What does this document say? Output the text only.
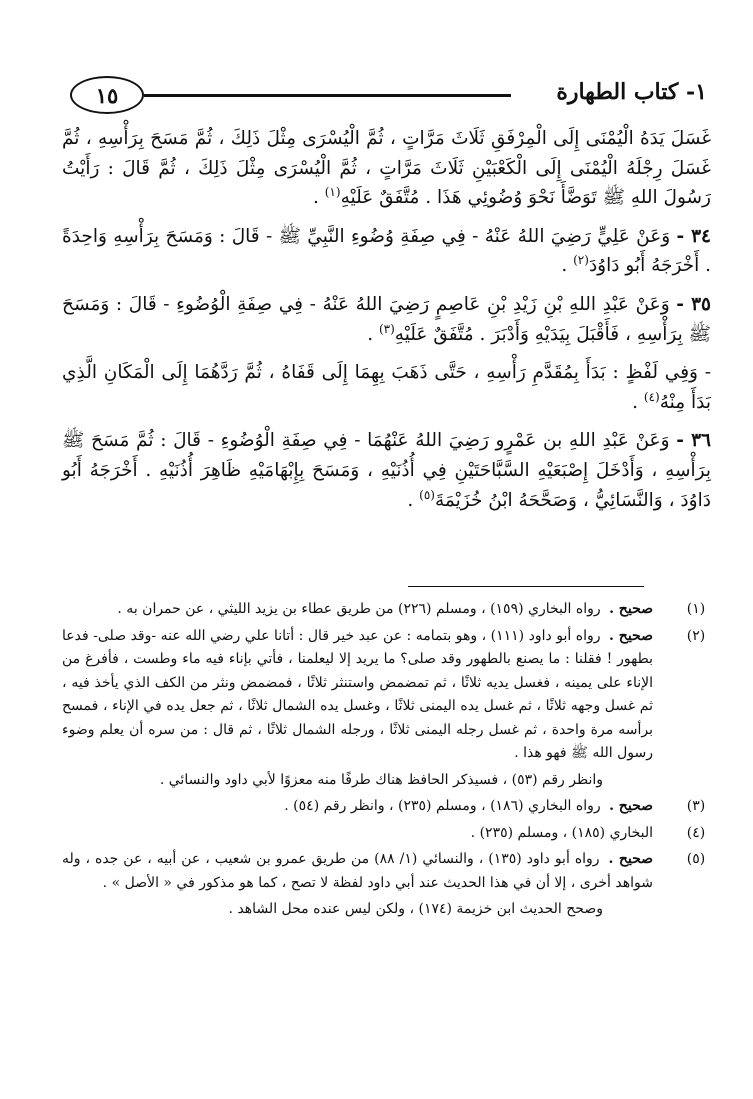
١٥	١- كتاب الطهارة

غَسَلَ يَدَهُ الْيُمْنَى إِلَى الْمِرْفَقِ ثَلَاثَ مَرَّاتٍ ، ثُمَّ الْيُسْرَى مِثْلَ ذَلِكَ ، ثُمَّ مَسَحَ بِرَأْسِهِ ، ثُمَّ غَسَلَ رِجْلَهُ الْيُمْنَى إِلَى الْكَعْبَيْنِ ثَلَاثَ مَرَّاتٍ ، ثُمَّ الْيُسْرَى مِثْلَ ذَلِكَ ، ثُمَّ قَالَ : رَأَيْتُ رَسُولَ اللهِ ﷺ تَوَضَّأَ نَحْوَ وُضُوئِي هَذَا . مُتَّفَقٌ عَلَيْهِ$^{(١)}$ .

٣٤ - وَعَنْ عَلِيٍّ رَضِيَ اللهُ عَنْهُ - فِي صِفَةِ وُضُوءِ النَّبِيِّ ﷺ - قَالَ : وَمَسَحَ بِرَأْسِهِ وَاحِدَةً . أَخْرَجَهُ أَبُو دَاوُدَ$^{(٢)}$ .

٣٥ - وَعَنْ عَبْدِ اللهِ بْنِ زَيْدِ بْنِ عَاصِمٍ رَضِيَ اللهُ عَنْهُ - فِي صِفَةِ الْوُضُوءِ - قَالَ : وَمَسَحَ ﷺ بِرَأْسِهِ ، فَأَقْبَلَ بِيَدَيْهِ وَأَدْبَرَ . مُتَّفَقٌ عَلَيْهِ$^{(٣)}$ .

- وَفِي لَفْظٍ : بَدَأَ بِمُقَدَّمِ رَأْسِهِ ، حَتَّى ذَهَبَ بِهِمَا إِلَى قَفَاهُ ، ثُمَّ رَدَّهُمَا إِلَى الْمَكَانِ الَّذِي بَدَأَ مِنْهُ$^{(٤)}$ .

٣٦ - وَعَنْ عَبْدِ اللهِ بن عَمْرٍو رَضِيَ اللهُ عَنْهُمَا - فِي صِفَةِ الْوُضُوءِ - قَالَ : ثُمَّ مَسَحَ ﷺ بِرَأْسِهِ ، وَأَدْخَلَ إِصْبَعَيْهِ السَّبَّاحَتَيْنِ فِي أُذُنَيْهِ ، وَمَسَحَ بِإِبْهَامَيْهِ ظَاهِرَ أُذُنَيْهِ . أَخْرَجَهُ أَبُو دَاوُدَ ، وَالنَّسَائِيُّ ، وَصَحَّحَهُ ابْنُ خُزَيْمَةَ$^{(٥)}$ .

(١)
صحيح . رواه البخاري (١٥٩) ، ومسلم (٢٢٦) من طريق عطاء بن يزيد الليثي ، عن حمران به .
(٢)
صحيح . رواه أبو داود (١١١) ، وهو بتمامه : عن عبد خير قال : أتانا علي رضي الله عنه -وقد صلى- فدعا بطهور ! فقلنا : ما يصنع بالطهور وقد صلى؟ ما يريد إلا ليعلمنا ، فأتي بإناء فيه ماء وطست ، فأفرغ من الإناء على يمينه ، فغسل يديه ثلاثًا ، ثم تمضمض واستنثر ثلاثًا ، فمضمض ونثر من الكف الذي يأخذ فيه ، ثم غسل وجهه ثلاثًا ، ثم غسل يده اليمنى ثلاثًا ، وغسل يده الشمال ثلاثًا ، ثم جعل يده في الإناء ، فمسح برأسه مرة واحدة ، ثم غسل رجله اليمنى ثلاثًا ، ورجله الشمال ثلاثًا ، ثم قال : من سره أن يعلم وضوء رسول الله ﷺ فهو هذا .
وانظر رقم (٥٣) ، فسيذكر الحافظ هناك طرفًا منه معزوًا لأبي داود والنسائي .
(٣)
صحيح . رواه البخاري (١٨٦) ، ومسلم (٢٣٥) ، وانظر رقم (٥٤) .
(٤)
البخاري (١٨٥) ، ومسلم (٢٣٥) .
(٥)
صحيح . رواه أبو داود (١٣٥) ، والنسائي (١/ ٨٨) من طريق عمرو بن شعيب ، عن أبيه ، عن جده ، وله شواهد أخرى ، إلا أن في هذا الحديث عند أبي داود لفظة لا تصح ، كما هو مذكور في « الأصل » .
وصحح الحديث ابن خزيمة (١٧٤) ، ولكن ليس عنده محل الشاهد .
